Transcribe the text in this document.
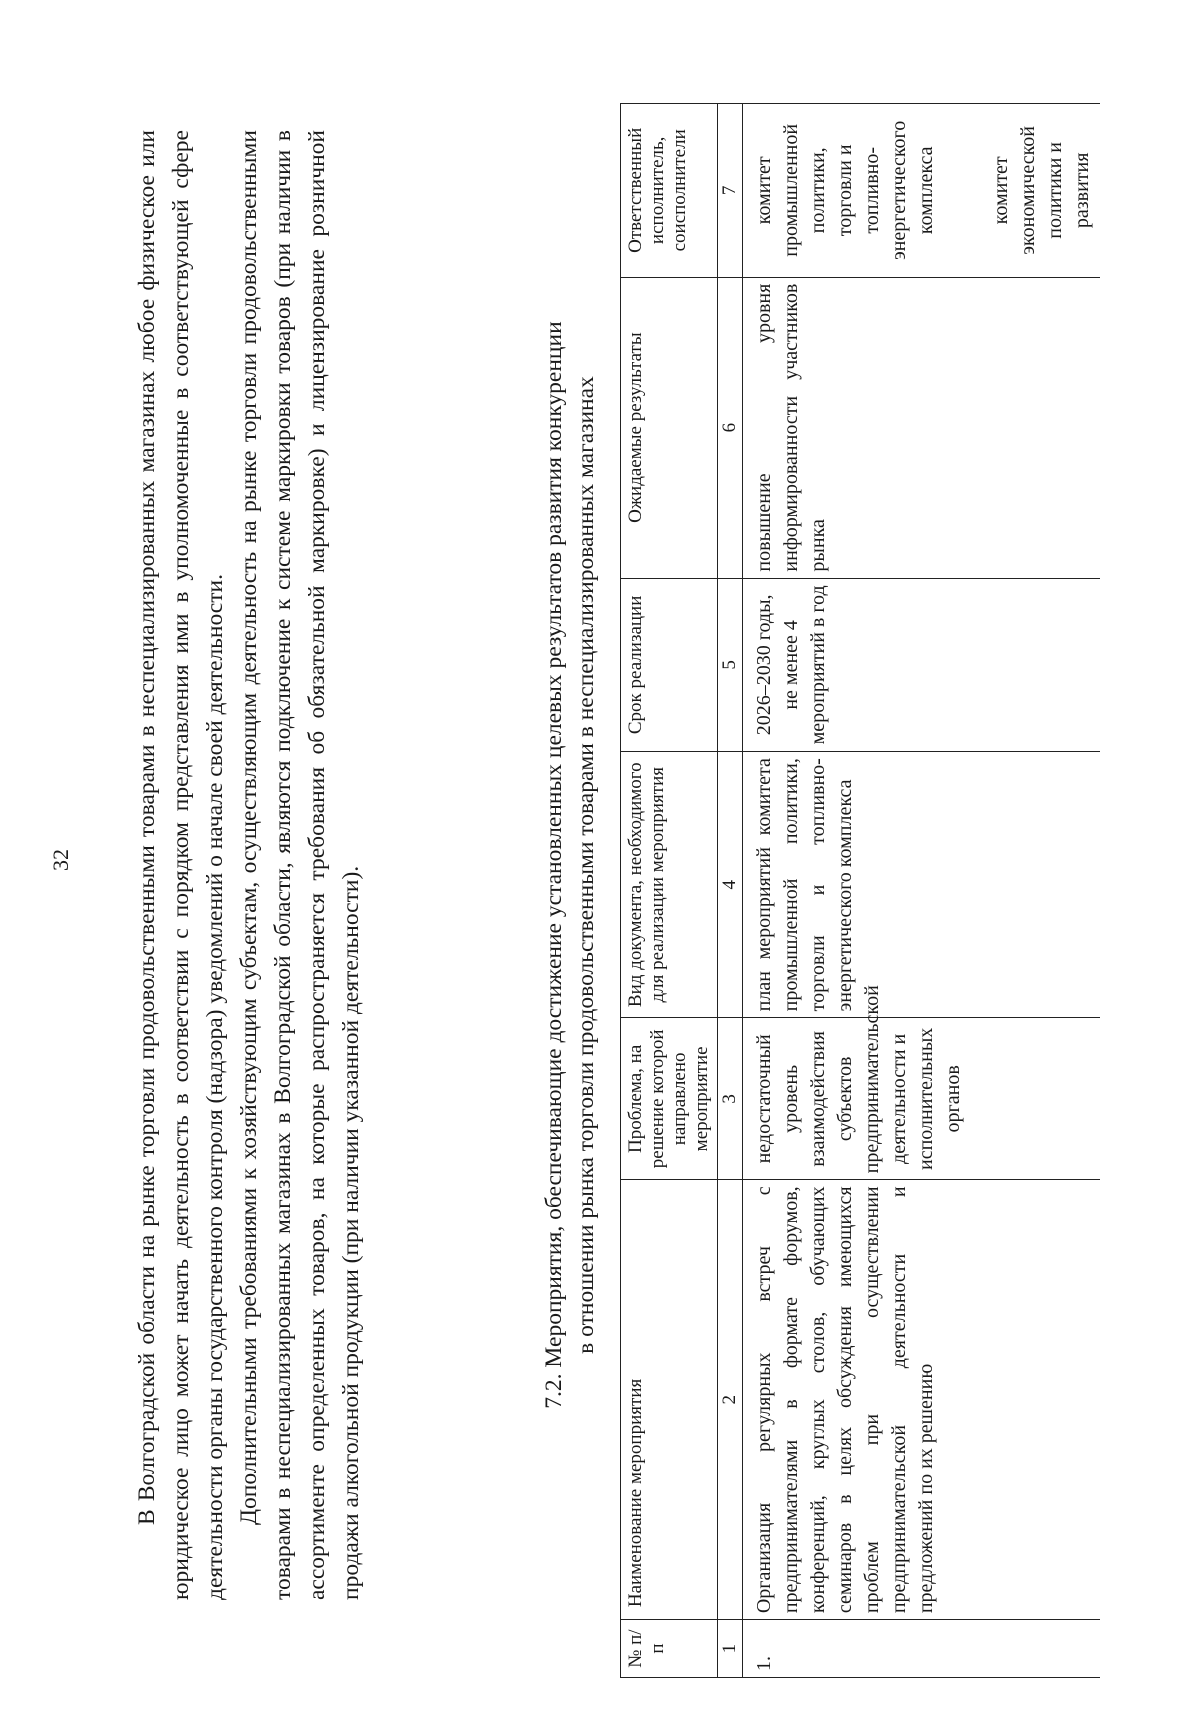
32	В Волгоградской области на рынке торговли продовольственными товарами в неспециализированных магазинах любое физическое или юридическое лицо может начать деятельность в соответствии с порядком представления ими в уполномоченные в соответствующей сфере деятельности органы государственного контроля (надзора) уведомлений о начале своей деятельности. Дополнительными требованиями к хозяйствующим субъектам, осуществляющим деятельность на рынке торговли продовольственными товарами в неспециализированных магазинах в Волгоградской области, являются подключение к системе маркировки товаров (при наличии в ассортименте определенных товаров, на которые распространяется требования об обязательной маркировке) и лицензирование розничной продажи алкогольной продукции (при наличии указанной деятельности).	7.2. Мероприятия, обеспечивающие достижение установленных целевых результатов развития конкуренции в отношении рынка торговли продовольственными товарами в неспециализированных магазинах
№ п/п	Наименование мероприятия	Проблема, на решение которой направлено мероприятие	Вид документа, необходимого для реализации мероприятия	Срок реализации	Ожидаемые результаты	Ответственный исполнитель, соисполнители
1	2	3	4	5	6	7
1.	Организация регулярных встреч с предпринимателями в формате форумов, конференций, круглых столов, обучающих семинаров в целях обсуждения имеющихся проблем при осуществлении предпринимательской деятельности и предложений по их решению	недостаточный уровень взаимодействия субъектов предпринимательской деятельности и исполнительных органов	план мероприятий комитета промышленной политики, торговли и топливно-энергетического комплекса	2026–2030 годы, не менее 4 мероприятий в год	повышение уровня информированности участников рынка	комитет промышленной политики, торговли и топливно-энергетического комплекса комитет экономической политики и развития
